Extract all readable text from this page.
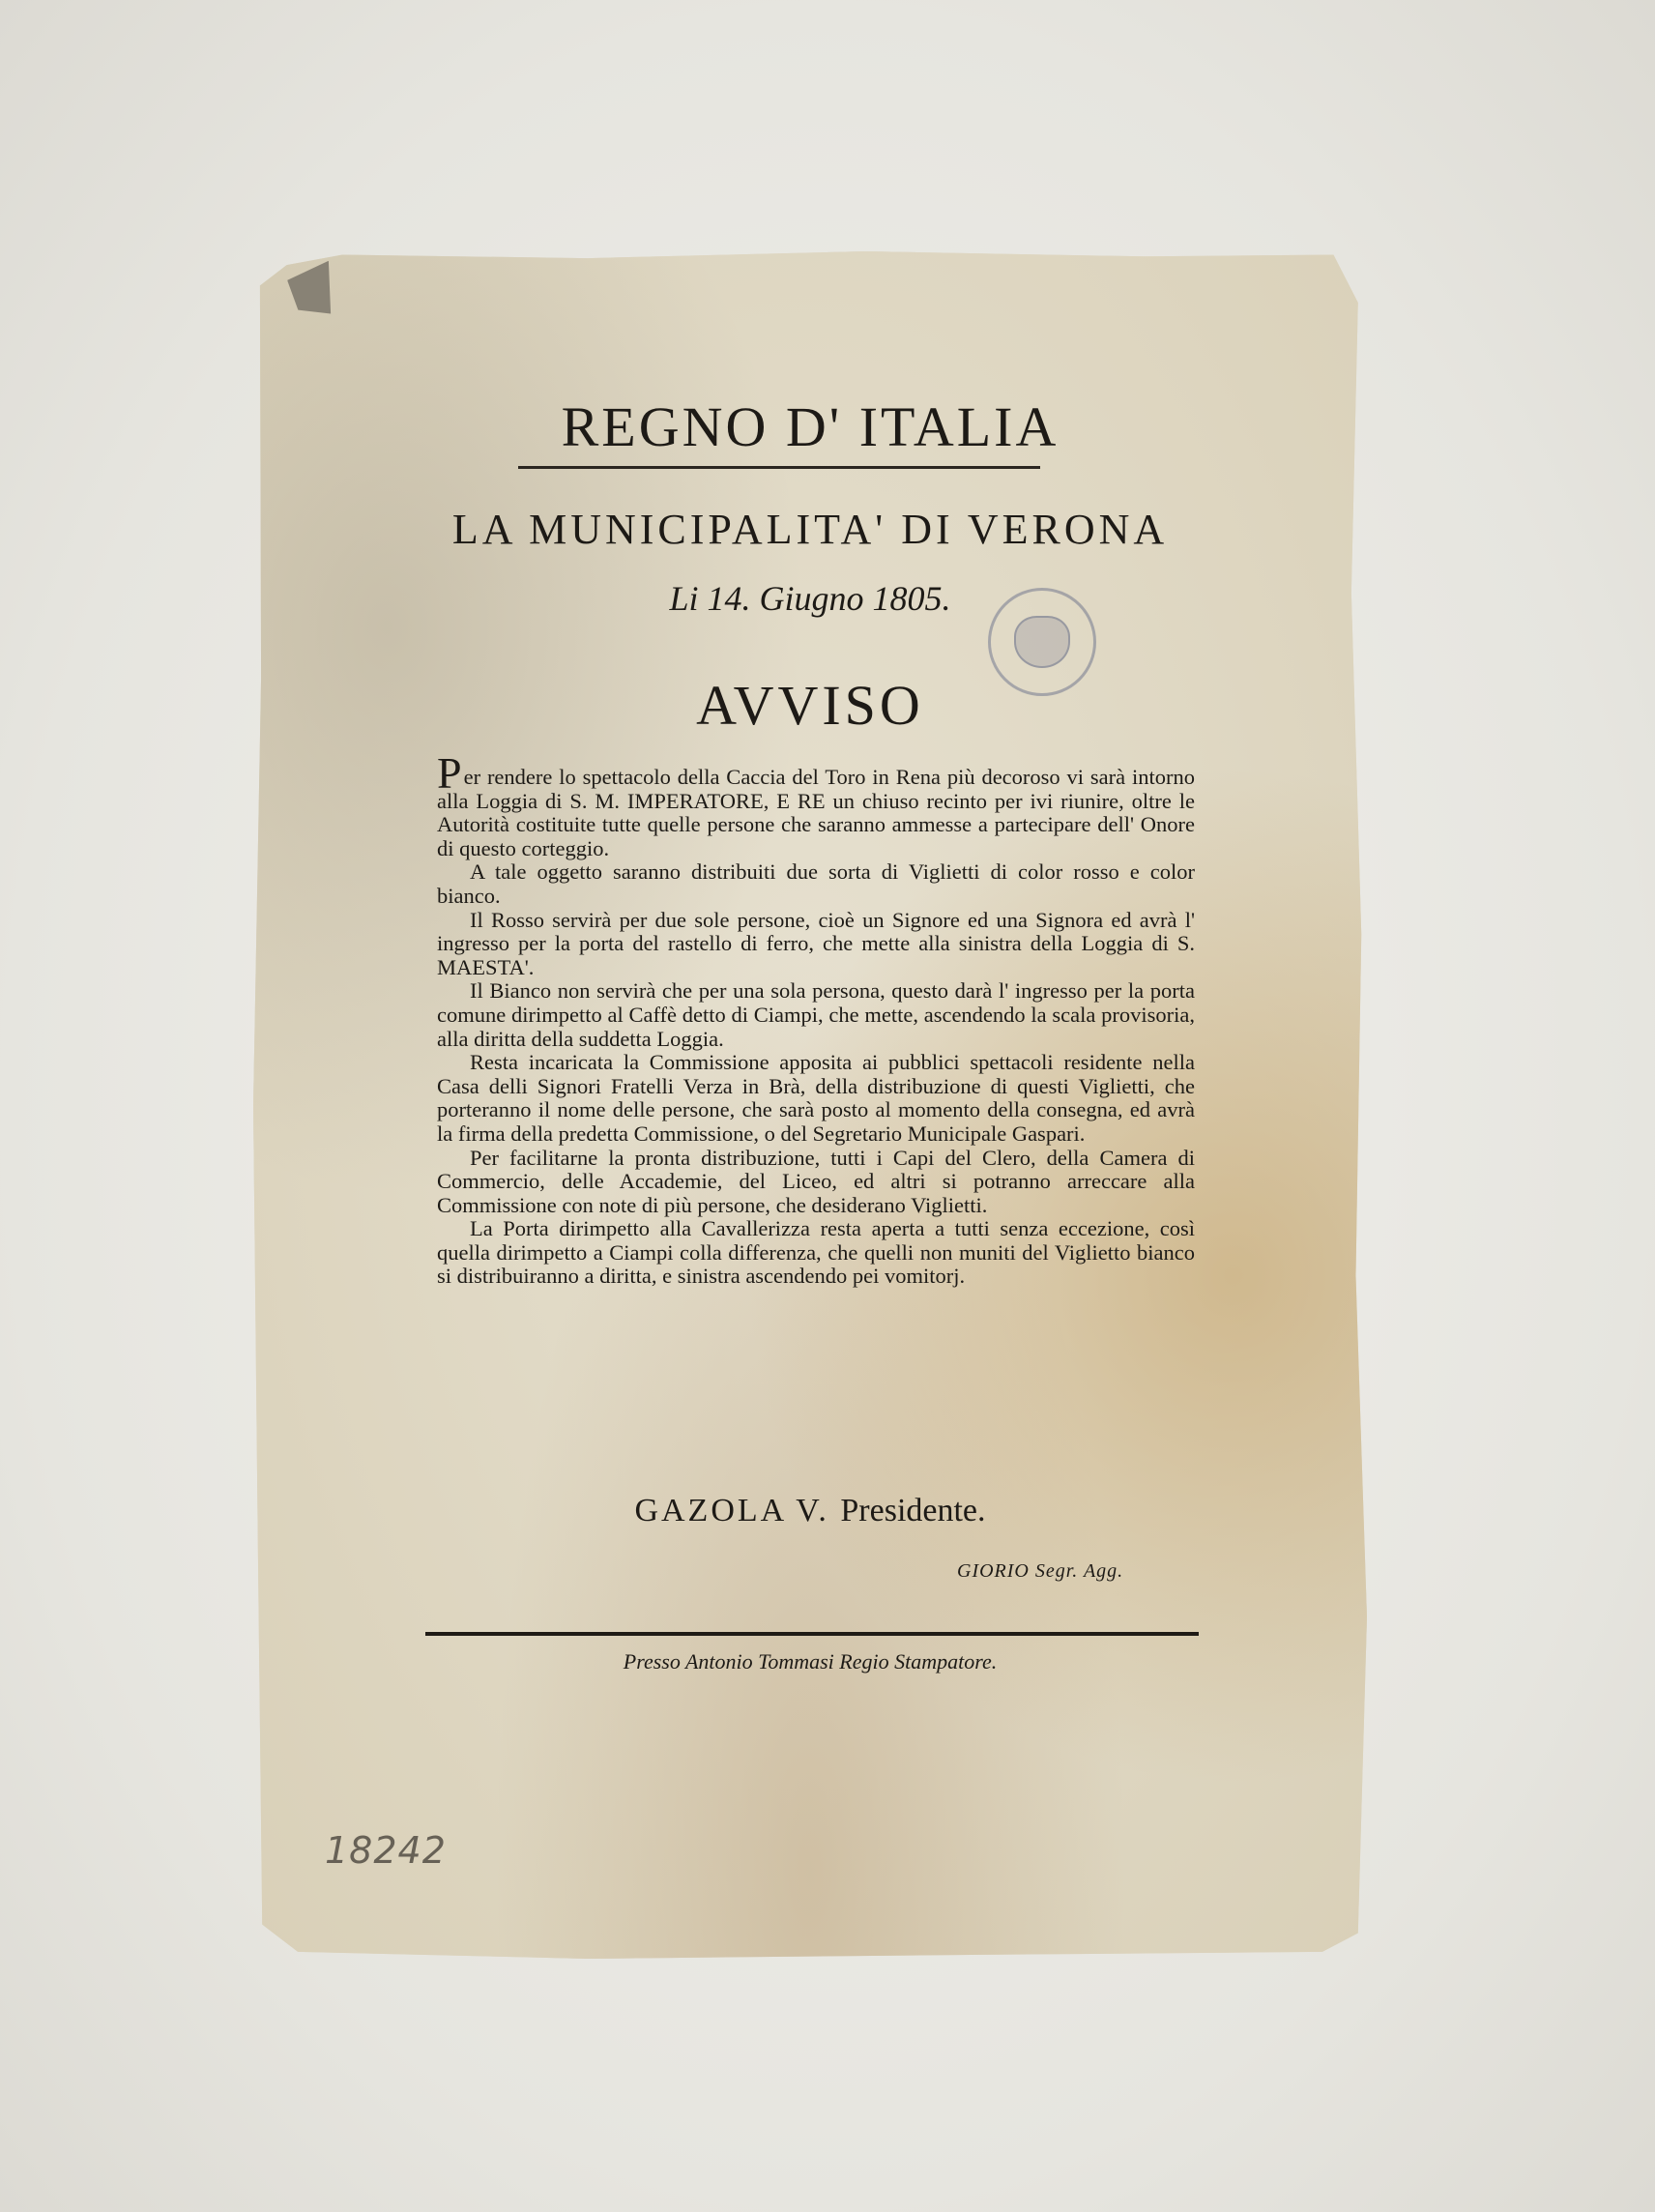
REGNO D' ITALIA
LA MUNICIPALITA' DI VERONA
Li 14. Giugno 1805.
AVVISO

Per rendere lo spettacolo della Caccia del Toro in Rena più decoroso vi sarà intorno alla Loggia di S. M. IMPERATORE, E RE un chiuso recinto per ivi riunire, oltre le Autorità costituite tutte quelle persone che saranno ammesse a partecipare dell' Onore di questo corteggio.

A tale oggetto saranno distribuiti due sorta di Viglietti di color rosso e color bianco.

Il Rosso servirà per due sole persone, cioè un Signore ed una Signora ed avrà l' ingresso per la porta del rastello di ferro, che mette alla sinistra della Loggia di S. MAESTA'.

Il Bianco non servirà che per una sola persona, questo darà l' ingresso per la porta comune dirimpetto al Caffè detto di Ciampi, che mette, ascendendo la scala provisoria, alla diritta della suddetta Loggia.

Resta incaricata la Commissione apposita ai pubblici spettacoli residente nella Casa delli Signori Fratelli Verza in Brà, della distribuzione di questi Viglietti, che porteranno il nome delle persone, che sarà posto al momento della consegna, ed avrà la firma della predetta Commissione, o del Segretario Municipale Gaspari.

Per facilitarne la pronta distribuzione, tutti i Capi del Clero, della Camera di Commercio, delle Accademie, del Liceo, ed altri si potranno arreccare alla Commissione con note di più persone, che desiderano Viglietti.

La Porta dirimpetto alla Cavallerizza resta aperta a tutti senza eccezione, così quella dirimpetto a Ciampi colla differenza, che quelli non muniti del Viglietto bianco si distribuiranno a diritta, e sinistra ascendendo pei vomitorj.

GAZOLA V. Presidente.
GIORIO Segr. Agg.
Presso Antonio Tommasi Regio Stampatore.
18242
